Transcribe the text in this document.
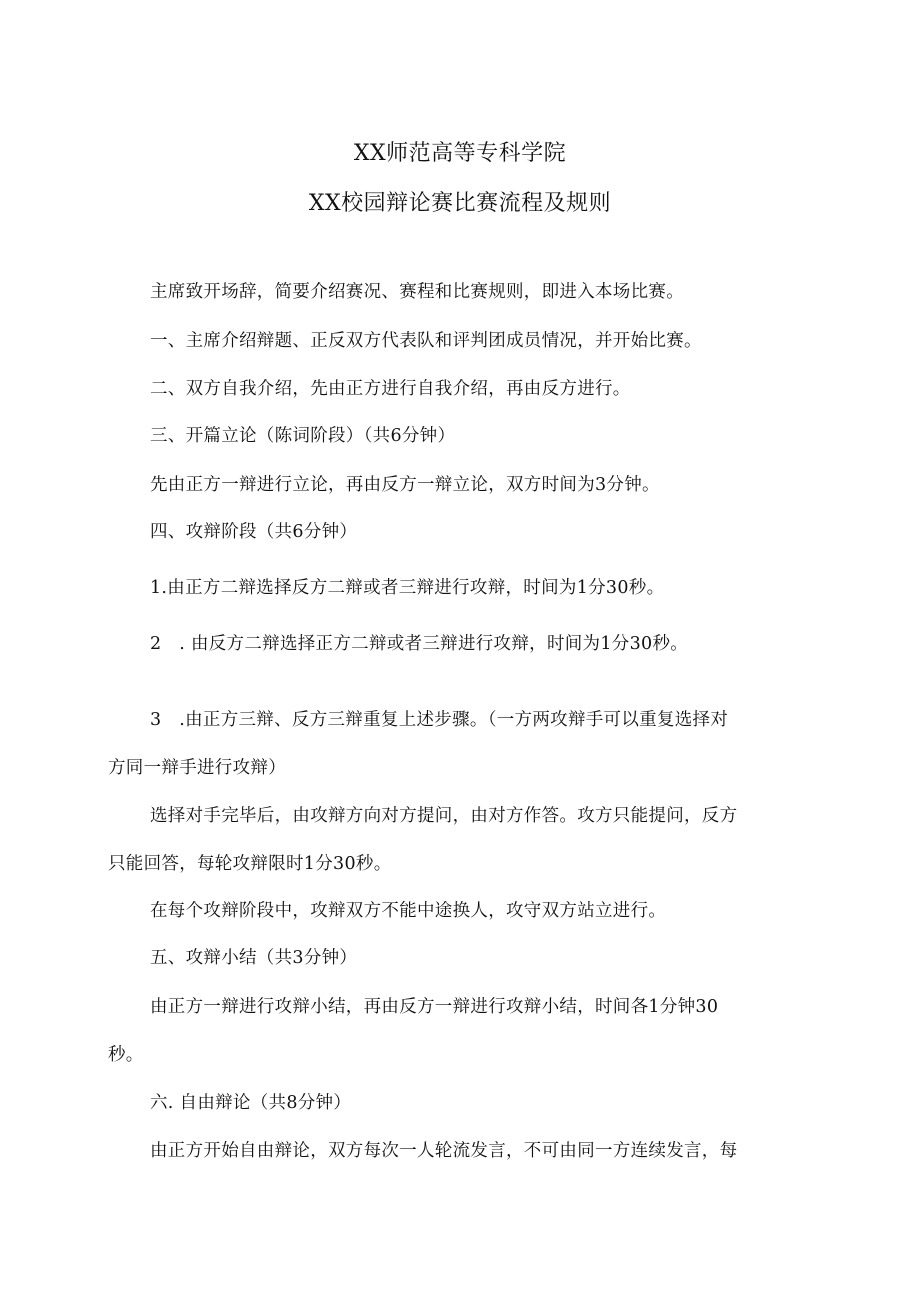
XX师范高等专科学院
XX校园辩论赛比赛流程及规则
主席致开场辞，简要介绍赛况、赛程和比赛规则，即进入本场比赛。
一、主席介绍辩题、正反双方代表队和评判团成员情况，并开始比赛。
二、双方自我介绍，先由正方进行自我介绍，再由反方进行。
三、开篇立论（陈词阶段）（共6分钟）
先由正方一辩进行立论，再由反方一辩立论，双方时间为3分钟。
四、攻辩阶段（共6分钟）
1.由正方二辩选择反方二辩或者三辩进行攻辩，时间为1分30秒。
2　. 由反方二辩选择正方二辩或者三辩进行攻辩，时间为1分30秒。
3　.由正方三辩、反方三辩重复上述步骤。（一方两攻辩手可以重复选择对
方同一辩手进行攻辩）
选择对手完毕后，由攻辩方向对方提问，由对方作答。攻方只能提问，反方
只能回答，每轮攻辩限时1分30秒。
在每个攻辩阶段中，攻辩双方不能中途换人，攻守双方站立进行。
五、攻辩小结（共3分钟）
由正方一辩进行攻辩小结，再由反方一辩进行攻辩小结，时间各1分钟30
秒。
六. 自由辩论（共8分钟）
由正方开始自由辩论，双方每次一人轮流发言，不可由同一方连续发言，每
